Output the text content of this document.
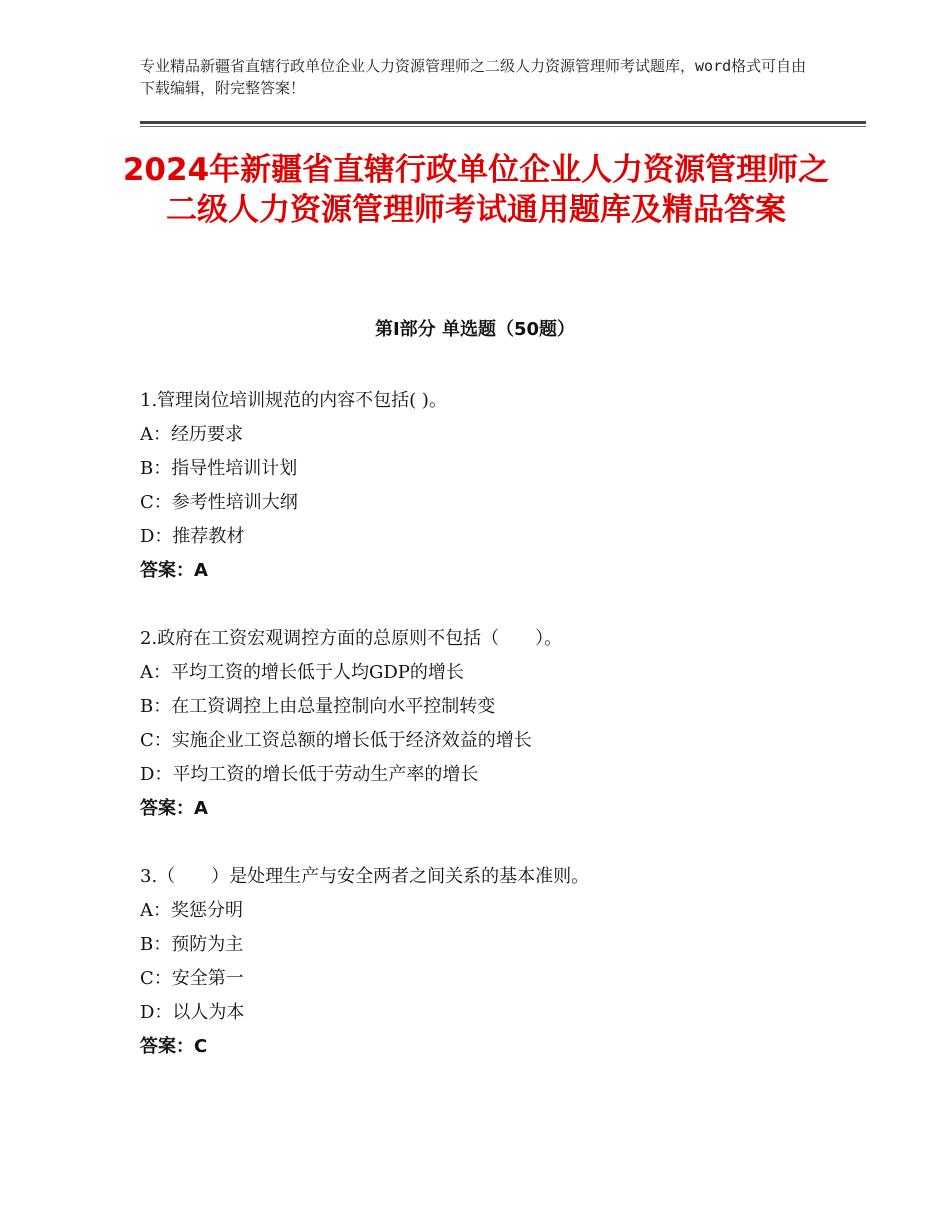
专业精品新疆省直辖行政单位企业人力资源管理师之二级人力资源管理师考试题库，word格式可自由下载编辑，附完整答案！

2024年新疆省直辖行政单位企业人力资源管理师之二级人力资源管理师考试通用题库及精品答案
第Ⅰ部分 单选题（50题）
1.管理岗位培训规范的内容不包括( )。
A：经历要求
B：指导性培训计划
C：参考性培训大纲
D：推荐教材
答案：A
2.政府在工资宏观调控方面的总原则不包括（　　）。
A：平均工资的增长低于人均GDP的增长
B：在工资调控上由总量控制向水平控制转变
C：实施企业工资总额的增长低于经济效益的增长
D：平均工资的增长低于劳动生产率的增长
答案：A
3.（　　）是处理生产与安全两者之间关系的基本准则。
A：奖惩分明
B：预防为主
C：安全第一
D：以人为本
答案：C
